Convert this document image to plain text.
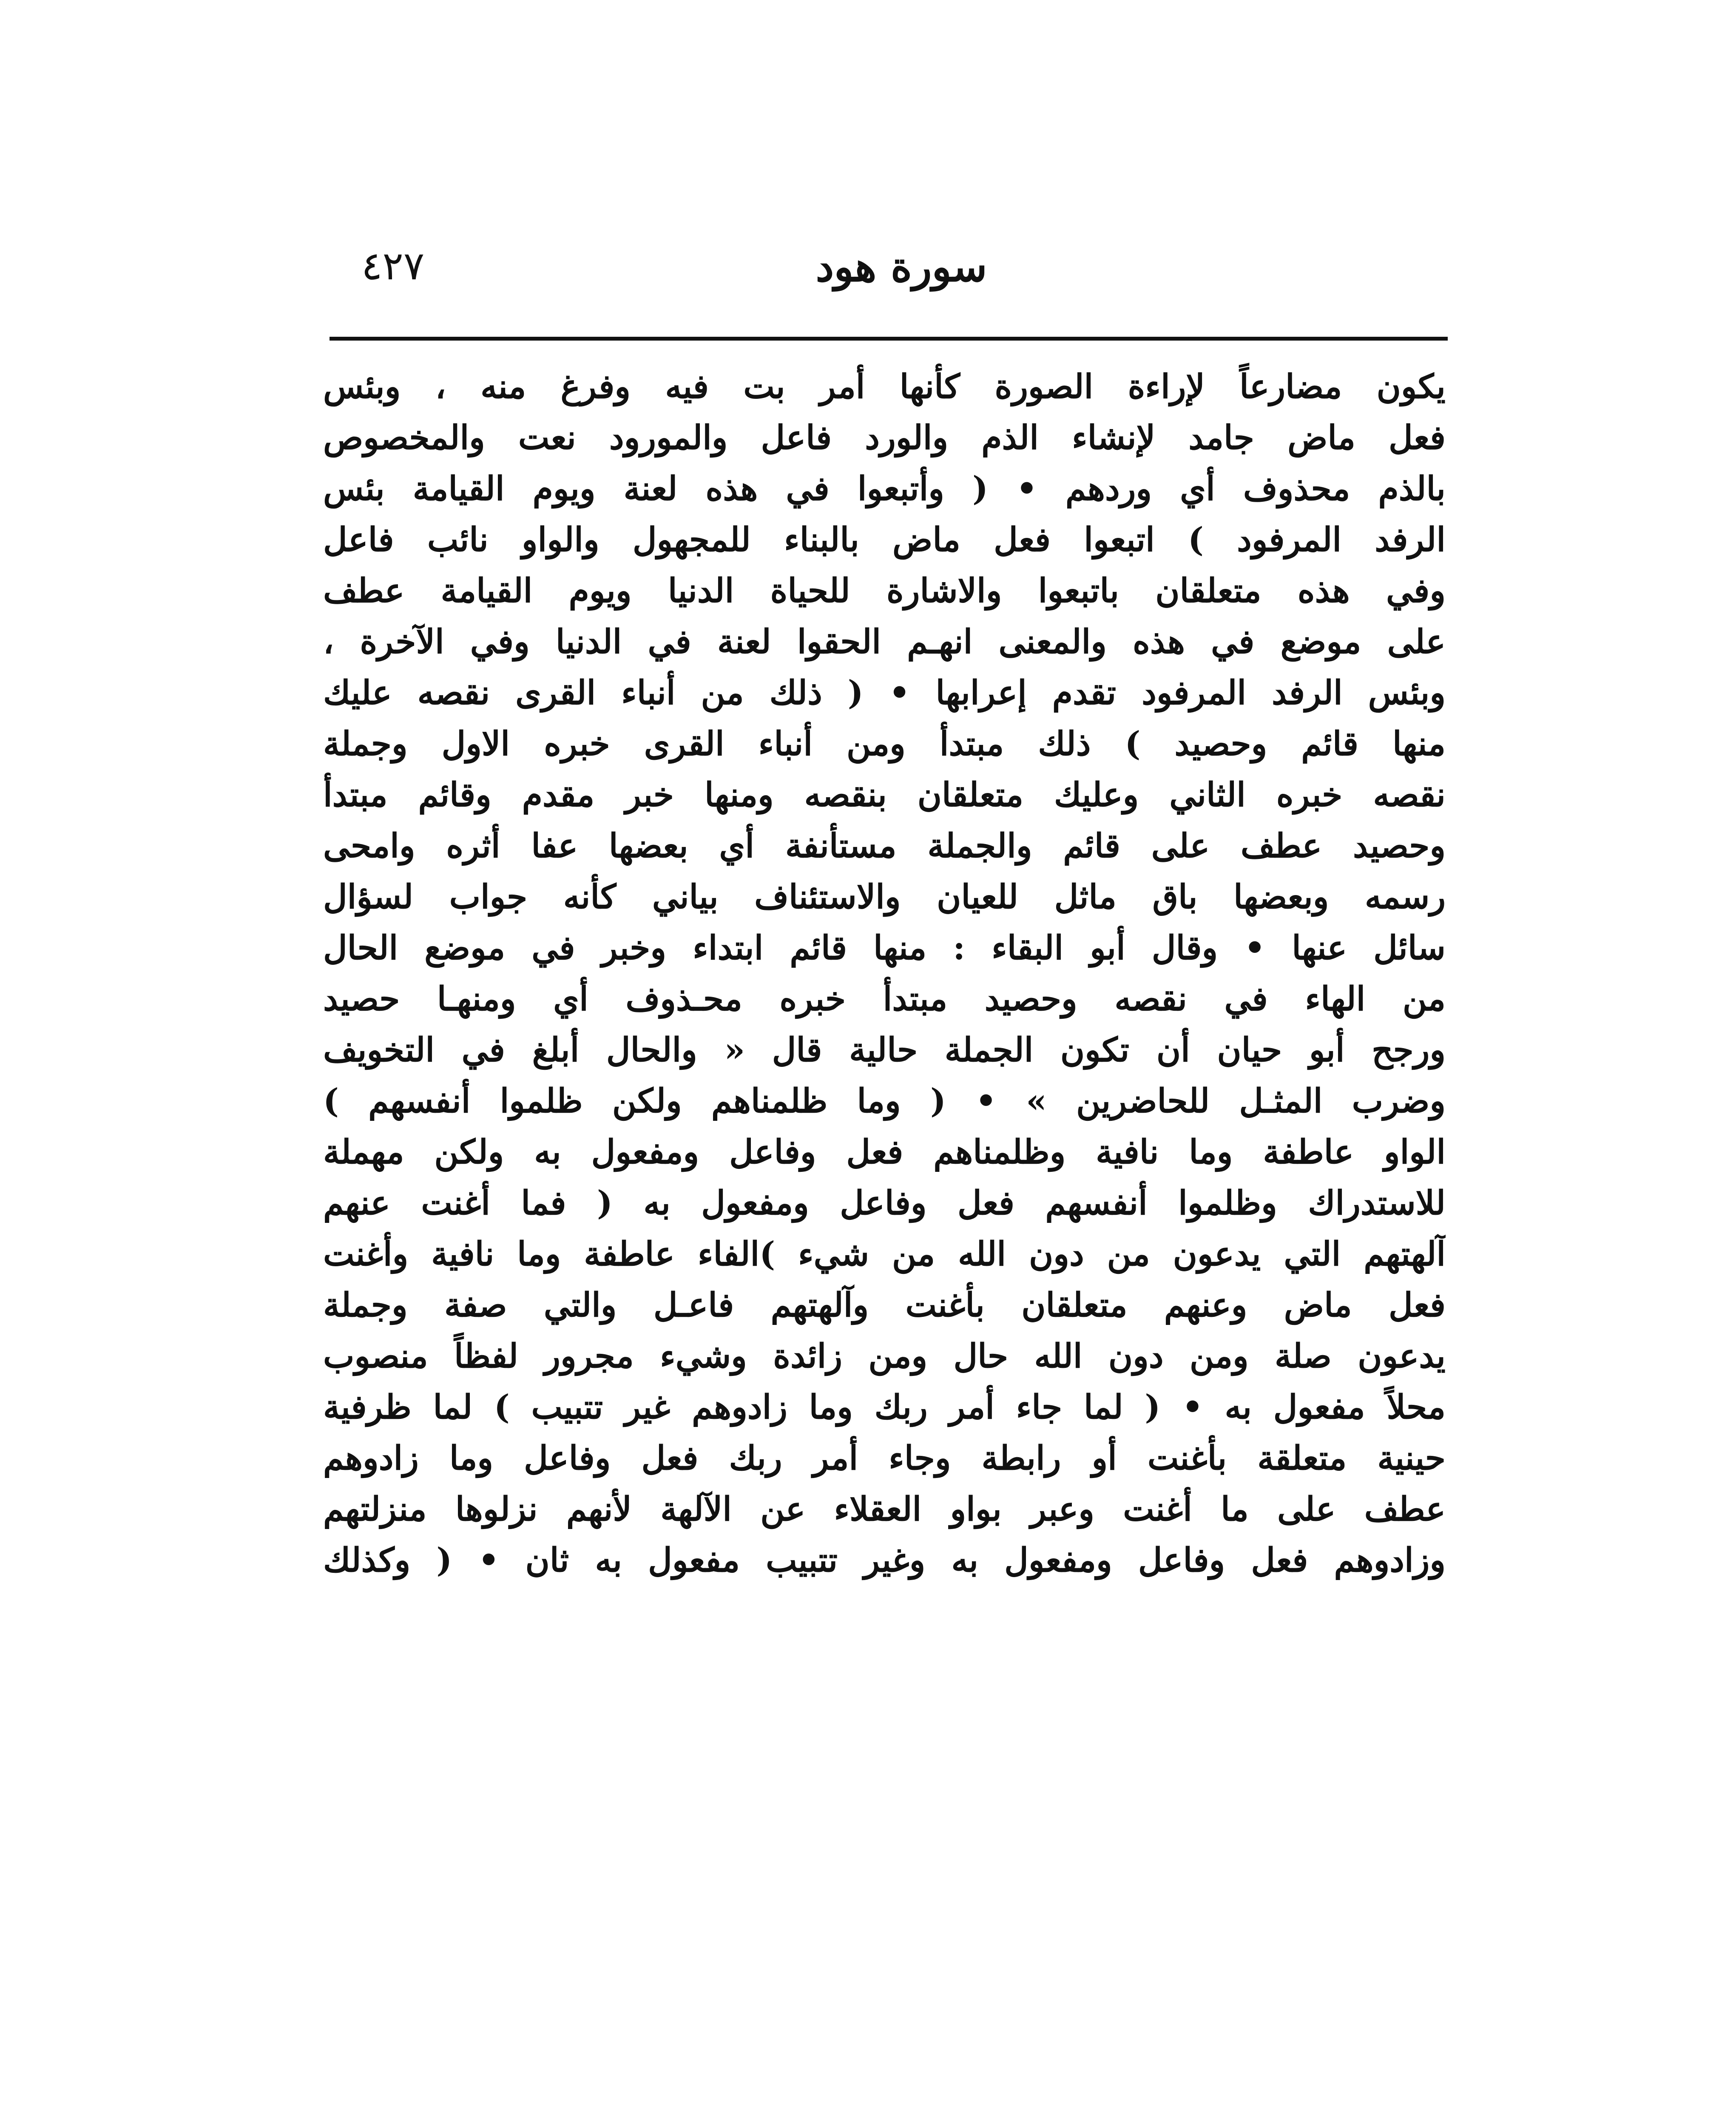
٤٢٧	سورة هود
يكون مضارعاً لإراءة الصورة كأنها أمر بت فيه وفرغ منه ، وبئس
فعل ماض جامد لإنشاء الذم والورد فاعل والمورود نعت والمخصوص
بالذم محذوف أي وردهم • ( وأتبعوا في هذه لعنة ويوم القيامة بئس
الرفد المرفود ) اتبعوا فعل ماض بالبناء للمجهول والواو نائب فاعل
وفي هذه متعلقان باتبعوا والاشارة للحياة الدنيا ويوم القيامة عطف
على موضع في هذه والمعنى انهـم الحقوا لعنة في الدنيا وفي الآخرة ،
وبئس الرفد المرفود تقدم إعرابها • ( ذلك من أنباء القرى نقصه عليك
منها قائم وحصيد ) ذلك مبتدأ ومن أنباء القرى خبره الاول وجملة
نقصه خبره الثاني وعليك متعلقان بنقصه ومنها خبر مقدم وقائم مبتدأ
وحصيد عطف على قائم والجملة مستأنفة أي بعضها عفا أثره وامحى
رسمه وبعضها باق ماثل للعيان والاستئناف بياني كأنه جواب لسؤال
سائل عنها • وقال أبو البقاء : منها قائم ابتداء وخبر في موضع الحال
من الهاء في نقصه وحصيد مبتدأ خبره محـذوف أي ومنهـا حصيد
ورجح أبو حيان أن تكون الجملة حالية قال « والحال أبلغ في التخويف
وضرب المثـل للحاضرين » • ( وما ظلمناهم ولكن ظلموا أنفسهم )
الواو عاطفة وما نافية وظلمناهم فعل وفاعل ومفعول به ولكن مهملة
للاستدراك وظلموا أنفسهم فعل وفاعل ومفعول به ( فما أغنت عنهم
آلهتهم التي يدعون من دون الله من شيء )الفاء عاطفة وما نافية وأغنت
فعل ماض وعنهم متعلقان بأغنت وآلهتهم فاعـل والتي صفة وجملة
يدعون صلة ومن دون الله حال ومن زائدة وشيء مجرور لفظاً منصوب
محلاً مفعول به • ( لما جاء أمر ربك وما زادوهم غير تتبيب ) لما ظرفية
حينية متعلقة بأغنت أو رابطة وجاء أمر ربك فعل وفاعل وما زادوهم
عطف على ما أغنت وعبر بواو العقلاء عن الآلهة لأنهم نزلوها منزلتهم
وزادوهم فعل وفاعل ومفعول به وغير تتبيب مفعول به ثان • ( وكذلك
